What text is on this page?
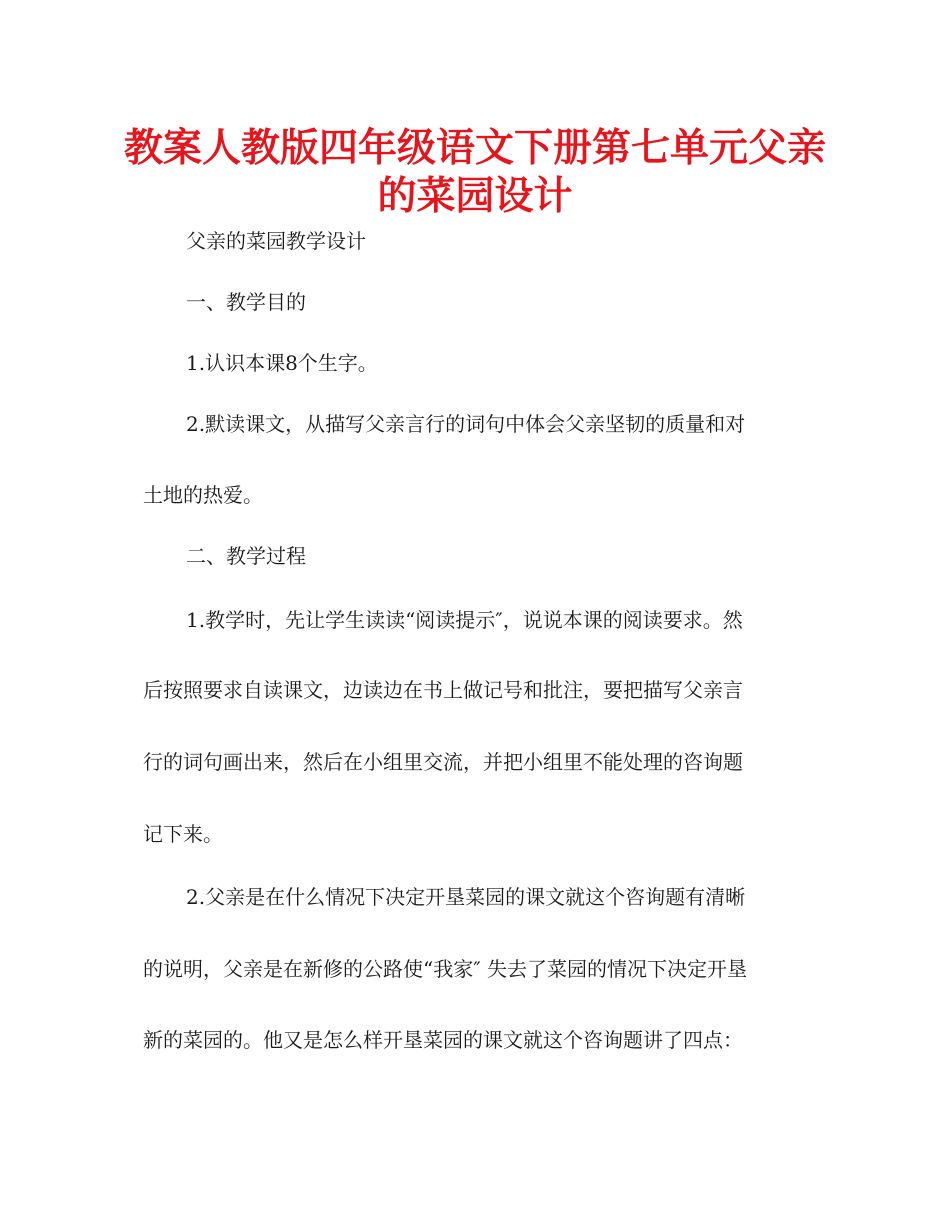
教案人教版四年级语文下册第七单元父亲
的菜园设计

父亲的菜园教学设计

一、教学目的

1.认识本课8个生字。

2.默读课文，从描写父亲言行的词句中体会父亲坚韧的质量和对

土地的热爱。

二、教学过程

1.教学时，先让学生读读“阅读提示″，说说本课的阅读要求。然

后按照要求自读课文，边读边在书上做记号和批注，要把描写父亲言

行的词句画出来，然后在小组里交流，并把小组里不能处理的咨询题

记下来。

2.父亲是在什么情况下决定开垦菜园的课文就这个咨询题有清晰

的说明，父亲是在新修的公路使“我家″ 失去了菜园的情况下决定开垦

新的菜园的。他又是怎么样开垦菜园的课文就这个咨询题讲了四点：
